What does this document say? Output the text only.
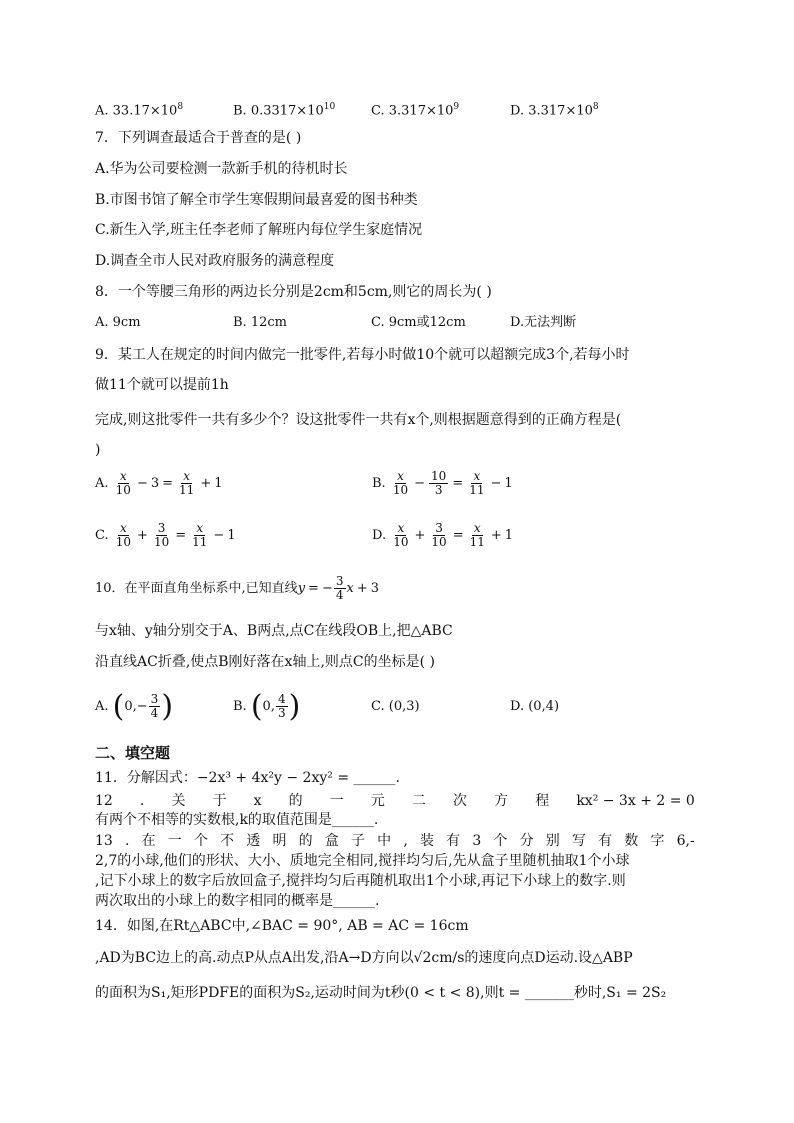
A. $33.17\times 10^8$	B. $0.3317\times 10^{10}$	C. $3.317\times 10^9$	D. $3.317\times 10^8$
7．下列调查最适合于普查的是( )
A.华为公司要检测一款新手机的待机时长
B.市图书馆了解全市学生寒假期间最喜爱的图书种类
C.新生入学,班主任李老师了解班内每位学生家庭情况
D.调查全市人民对政府服务的满意程度
8．一个等腰三角形的两边长分别是2cm和5cm,则它的周长为( )
A. 9cm	B. 12cm	C. 9cm或12cm	D.无法判断
9．某工人在规定的时间内做完一批零件,若每小时做10个就可以超额完成3个,若每小时
做11个就可以提前1h
完成,则这批零件一共有多少个？设这批零件一共有x个,则根据题意得到的正确方程是(
)
A. $\frac{x}{10} - 3 = \frac{x}{11} + 1$	B. $\frac{x}{10} - \frac{10}{3} = \frac{x}{11} - 1$
C. $\frac{x}{10} + \frac{3}{10} = \frac{x}{11} - 1$	D. $\frac{x}{10} + \frac{3}{10} = \frac{x}{11} + 1$
10．在平面直角坐标系中,已知直线 y = − $\frac{3}{4}$ x + 3
与x轴、y轴分别交于A、B两点,点C在线段OB上,把△ABC
沿直线AC折叠,使点B刚好落在x轴上,则点C的坐标是( )
A. ( $0,- \frac{3}{4}$ )	B. ( 0, $\frac{4}{3}$ )	C. (0,3)	D. (0,4)
二、填空题
11．分解因式：−2x³ + 4x²y − 2xy² = ______.
12 . 关 于 x 的 一 元 二 次 方 程 kx² − 3x + 2 = 0
有两个不相等的实数根,k的取值范围是______.
13 . 在 一 个 不 透 明 的 盒 子 中 , 装 有 3 个 分 别 写 有 数 字 6,-
2,7的小球,他们的形状、大小、质地完全相同,搅拌均匀后,先从盒子里随机抽取1个小球
,记下小球上的数字后放回盒子,搅拌均匀后再随机取出1个小球,再记下小球上的数字.则
两次取出的小球上的数字相同的概率是______.
14．如图,在Rt△ABC中,∠BAC = 90°, AB = AC = 16cm
,AD为BC边上的高.动点P从点A出发,沿A→D方向以√2cm/s的速度向点D运动.设△ABP
的面积为S₁,矩形PDFE的面积为S₂,运动时间为t秒(0 < t < 8),则t = _______秒时,S₁ = 2S₂
